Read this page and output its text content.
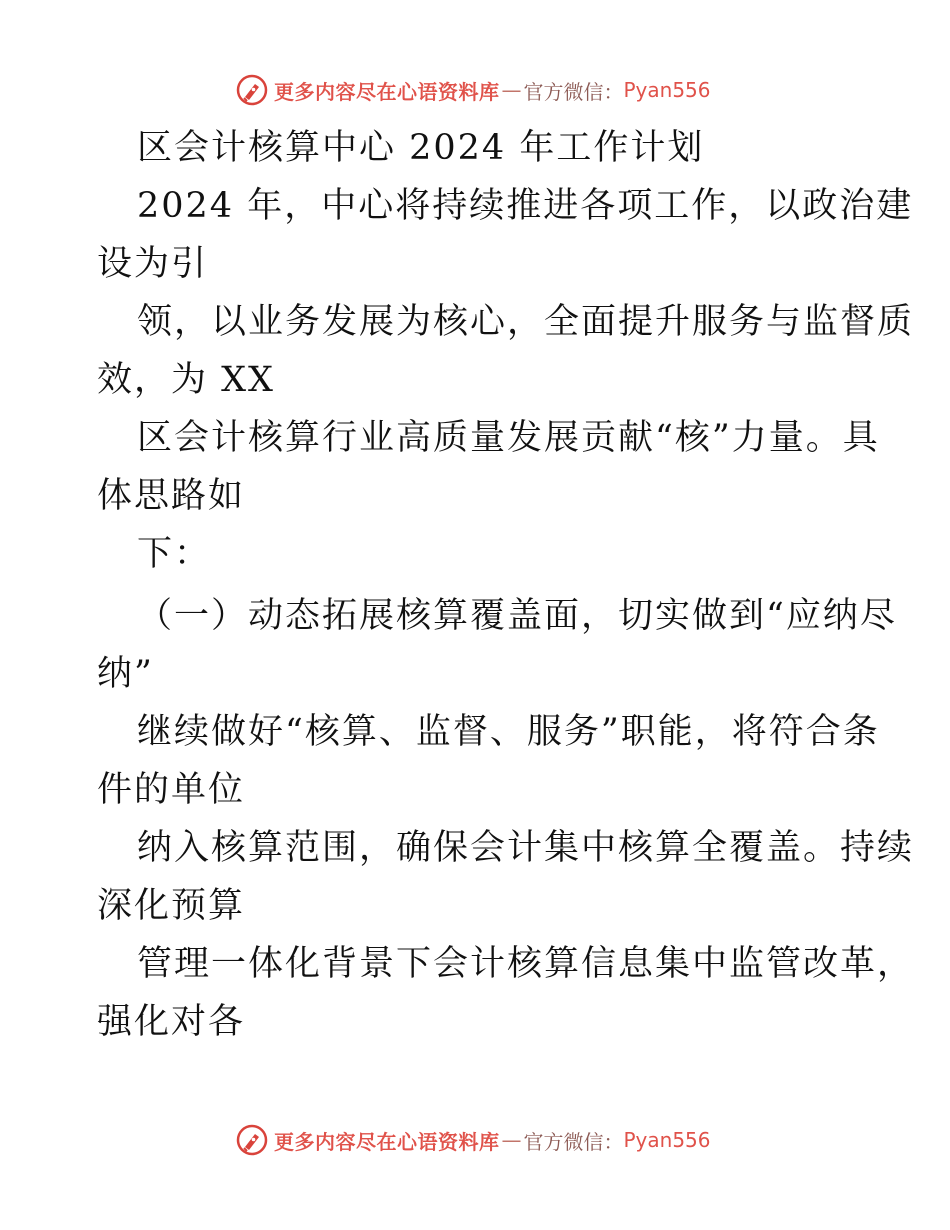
更多内容尽在心语资料库 — 官方微信： Pyan556
区会计核算中心 2024 年工作计划
2024 年，中心将持续推进各项工作，以政治建
设为引
领，以业务发展为核心，全面提升服务与监督质
效，为 XX
区会计核算行业高质量发展贡献“核”力量。具
体思路如
下：
（一）动态拓展核算覆盖面，切实做到“应纳尽
纳”
继续做好“核算、监督、服务”职能，将符合条
件的单位
纳入核算范围，确保会计集中核算全覆盖。持续
深化预算
管理一体化背景下会计核算信息集中监管改革，
强化对各
更多内容尽在心语资料库 — 官方微信： Pyan556
